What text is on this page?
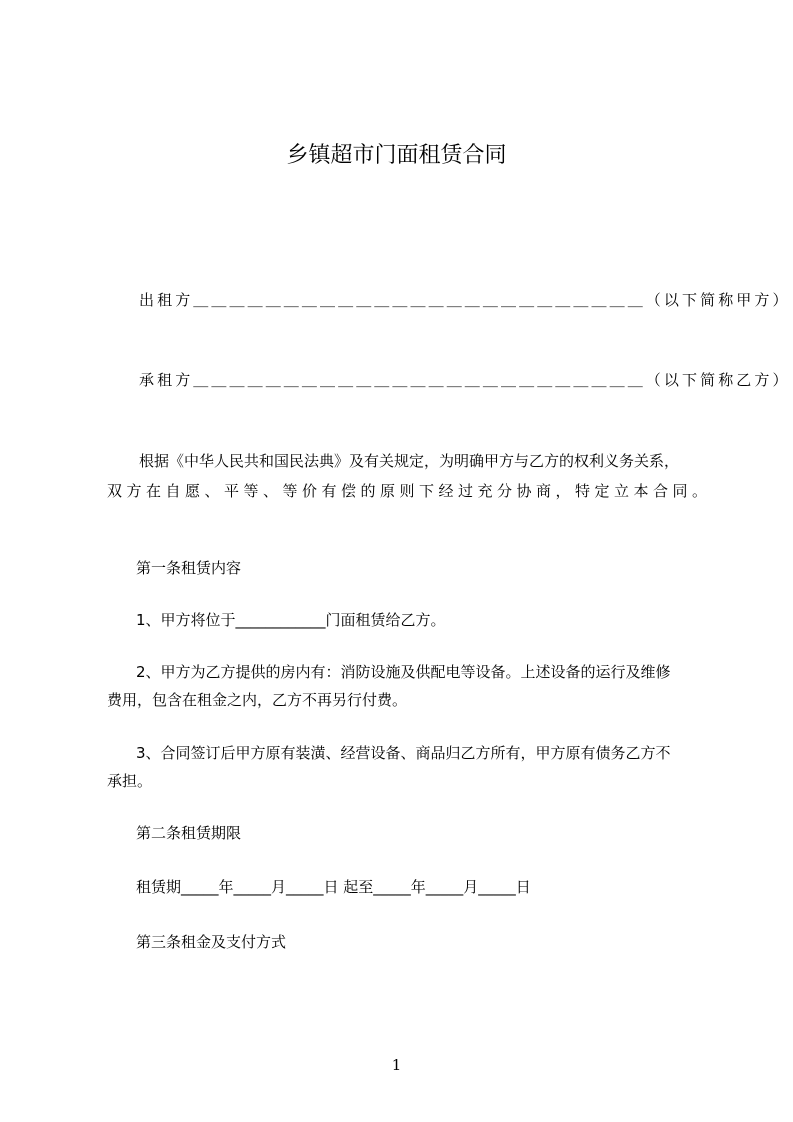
乡镇超市门面租赁合同
出租方＿＿＿＿＿＿＿＿＿＿＿＿＿＿＿＿＿＿＿＿＿＿＿＿＿（以下简称甲方）
承租方＿＿＿＿＿＿＿＿＿＿＿＿＿＿＿＿＿＿＿＿＿＿＿＿＿（以下简称乙方）
根据《中华人民共和国民法典》及有关规定，为明确甲方与乙方的权利义务关系，
双方在自愿、平等、等价有偿的原则下经过充分协商，特定立本合同。
第一条租赁内容
1、甲方将位于____________门面租赁给乙方。
2、甲方为乙方提供的房内有：消防设施及供配电等设备。上述设备的运行及维修
费用，包含在租金之内，乙方不再另行付费。
3、合同签订后甲方原有装潢、经营设备、商品归乙方所有，甲方原有债务乙方不
承担。
第二条租赁期限
租赁期_____年_____月_____日 起至_____年_____月_____日
第三条租金及支付方式
1
